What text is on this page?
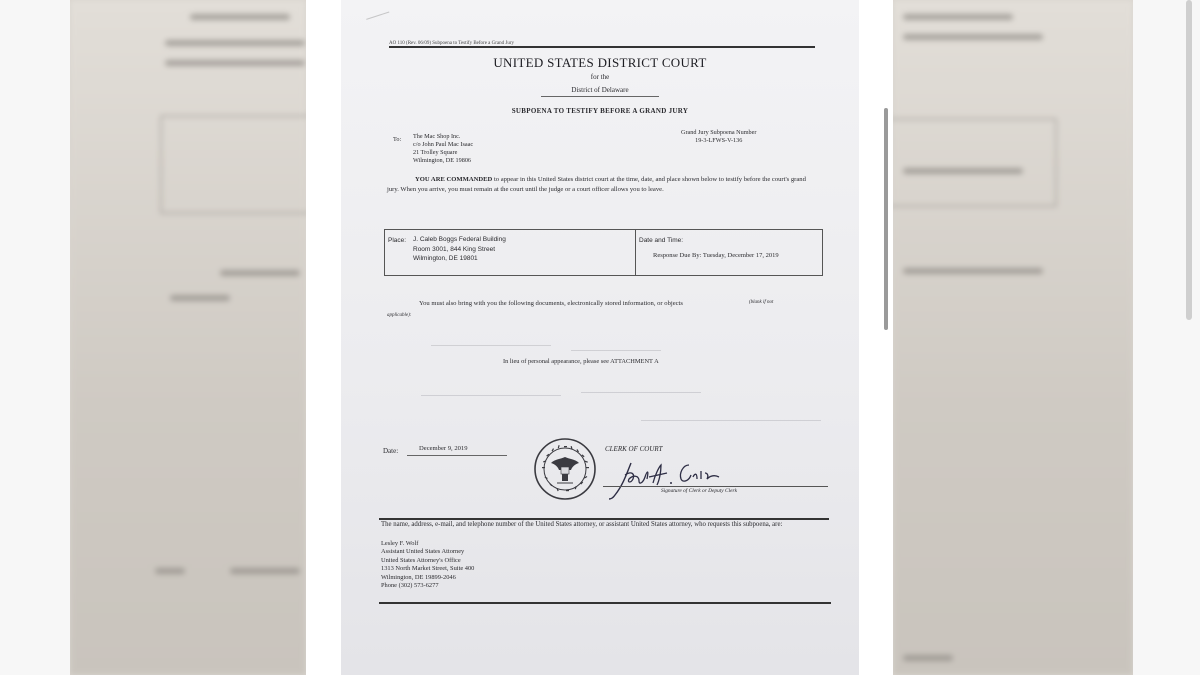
AO 110 (Rev. 06/09) Subpoena to Testify Before a Grand Jury
UNITED STATES DISTRICT COURT
for the
District of Delaware
SUBPOENA TO TESTIFY BEFORE A GRAND JURY
To: The Mac Shop Inc.
c/o John Paul Mac Isaac
21 Trolley Square
Wilmington, DE 19806
Grand Jury Subpoena Number
19-3-LFWS-V-136
YOU ARE COMMANDED to appear in this United States district court at the time, date, and place shown below to testify before the court's grand jury. When you arrive, you must remain at the court until the judge or a court officer allows you to leave.
Place: J. Caleb Boggs Federal Building
Room 3001, 844 King Street
Wilmington, DE 19801
Date and Time:
Response Due By: Tuesday, December 17, 2019
You must also bring with you the following documents, electronically stored information, or objects	(blank if not
applicable):
In lieu of personal appearance, please see ATTACHMENT A
Date:	December 9, 2019	CLERK OF COURT
Signature of Clerk or Deputy Clerk
The name, address, e-mail, and telephone number of the United States attorney, or assistant United States attorney, who requests this subpoena, are:
Lesley F. Wolf
Assistant United States Attorney
United States Attorney's Office
1313 North Market Street, Suite 400
Wilmington, DE 19899-2046
Phone (302) 573-6277
